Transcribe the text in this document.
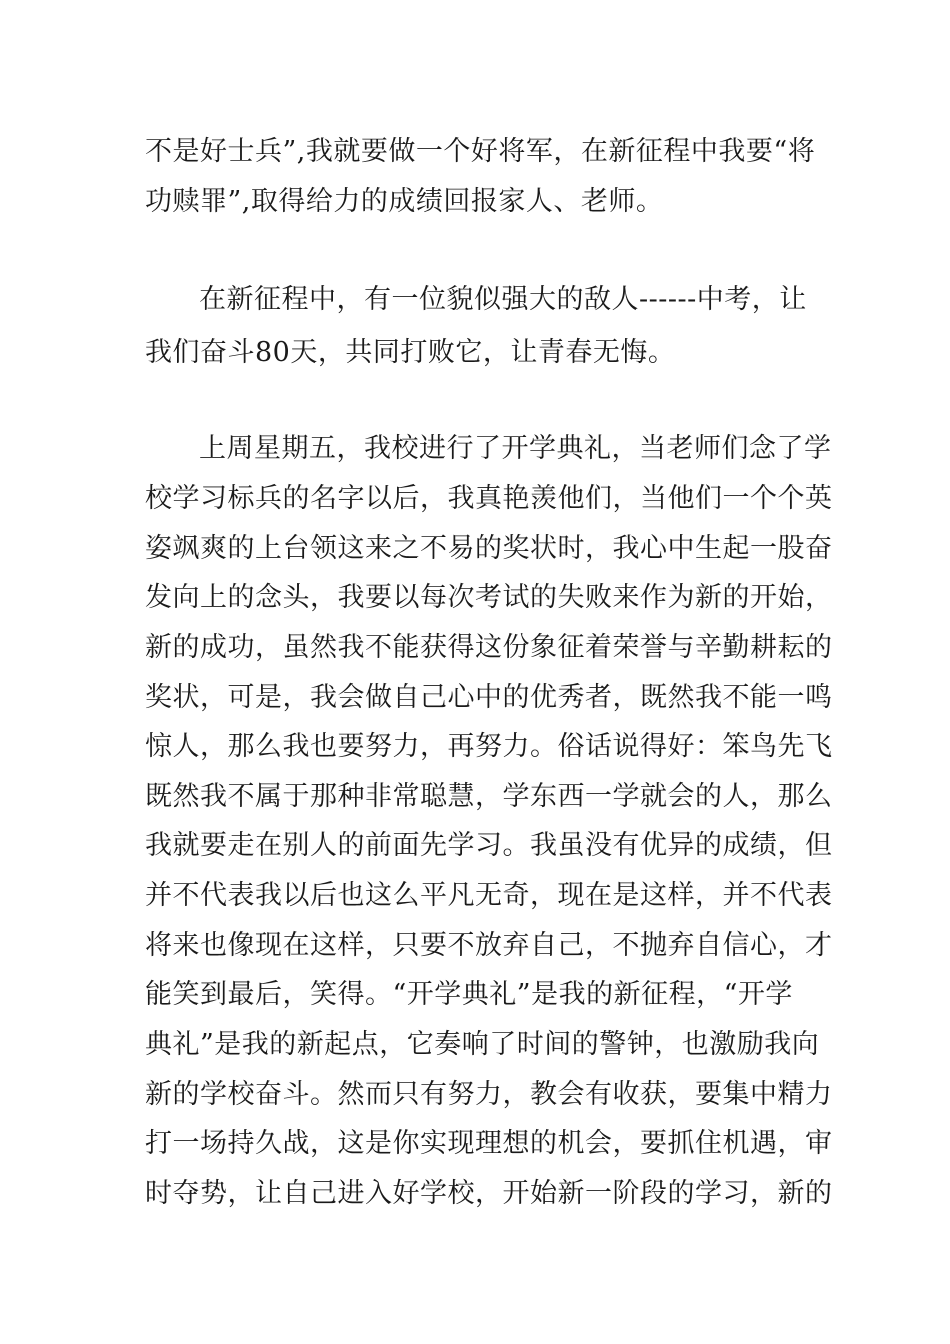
不是好士兵”,我就要做一个好将军，在新征程中我要“将
功赎罪”,取得给力的成绩回报家人、老师。
在新征程中，有一位貌似强大的敌人------中考，让
我们奋斗80天，共同打败它，让青春无悔。
上周星期五，我校进行了开学典礼，当老师们念了学
校学习标兵的名字以后，我真艳羡他们，当他们一个个英
姿飒爽的上台领这来之不易的奖状时，我心中生起一股奋
发向上的念头，我要以每次考试的失败来作为新的开始，
新的成功，虽然我不能获得这份象征着荣誉与辛勤耕耘的
奖状，可是，我会做自己心中的优秀者，既然我不能一鸣
惊人，那么我也要努力，再努力。俗话说得好：笨鸟先飞
既然我不属于那种非常聪慧，学东西一学就会的人，那么
我就要走在别人的前面先学习。我虽没有优异的成绩，但
并不代表我以后也这么平凡无奇，现在是这样，并不代表
将来也像现在这样，只要不放弃自己，不抛弃自信心，才
能笑到最后，笑得。“开学典礼”是我的新征程，“开学
典礼”是我的新起点，它奏响了时间的警钟，也激励我向
新的学校奋斗。然而只有努力，教会有收获，要集中精力
打一场持久战，这是你实现理想的机会，要抓住机遇，审
时夺势，让自己进入好学校，开始新一阶段的学习，新的
